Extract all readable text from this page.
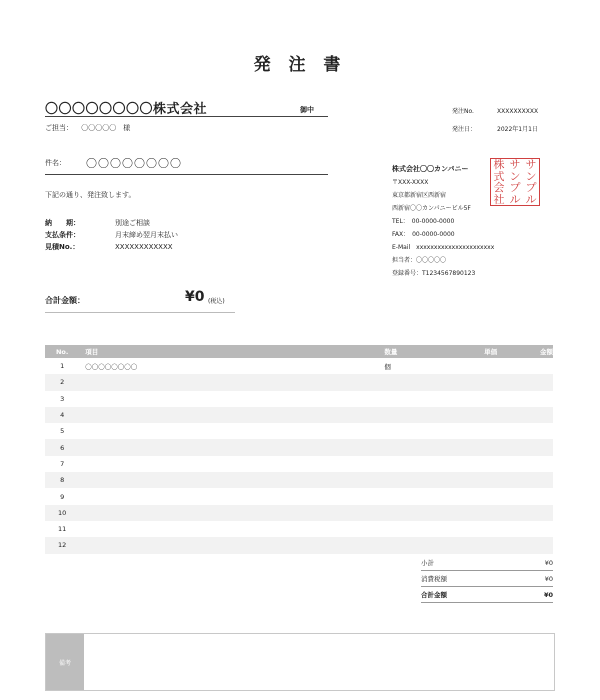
発 注 書
〇〇〇〇〇〇〇〇株式会社	御中
ご担当： 〇〇〇〇〇　様
件名： 〇〇〇〇〇〇〇〇
下記の通り、発注致します。
納　　期：	別途ご相談
支払条件：	月末締め翌月末払い
見積No.：	XXXXXXXXXXXX
合計金額：	¥0 (税込)
発注No.	XXXXXXXXXX
発注日：	2022年1月1日
株式会社〇〇カンパニー
〒XXX-XXXX
東京都新宿区西新宿
西新宿〇〇カンパニービル5F
TEL：　00-0000-0000
FAX：　00-0000-0000
E-Mail　xxxxxxxxxxxxxxxxxxxxxx
担当者：〇〇〇〇〇
登録番号：T1234567890123
株 サ サ
式 ン ン
会 プ プ
社 ル ル
No.	項目	数量	単価	金額
1	〇〇〇〇〇〇〇〇	個
2
3
4
5
6
7
8
9
10
11
12
小計	¥0
消費税額	¥0
合計金額	¥0
備考
